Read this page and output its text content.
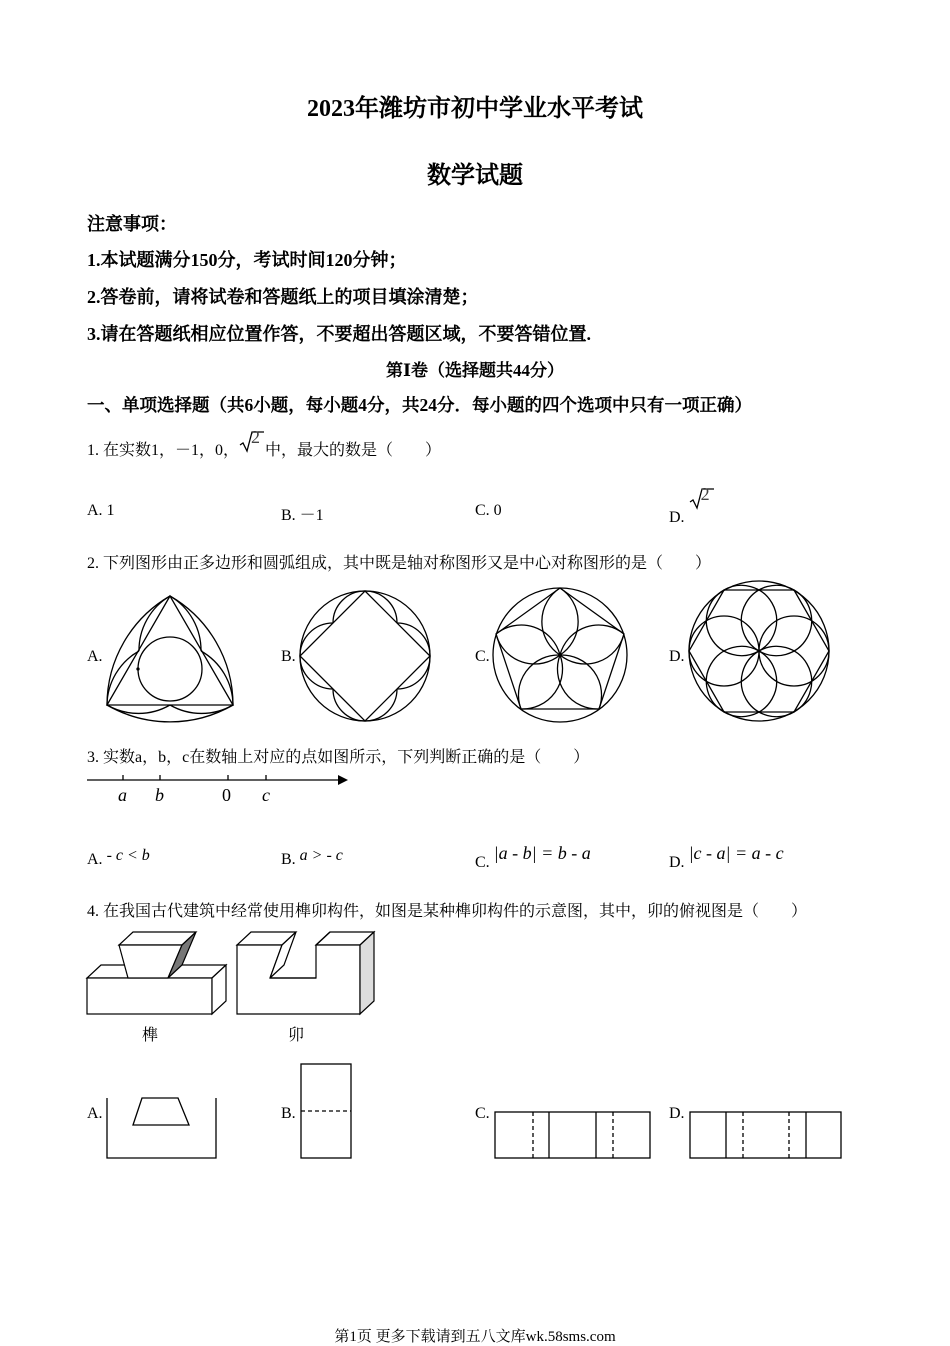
2023年潍坊市初中学业水平考试
数学试题
注意事项：
1.本试题满分150分，考试时间120分钟；
2.答卷前，请将试卷和答题纸上的项目填涂清楚；
3.请在答题纸相应位置作答，不要超出答题区域，不要答错位置.
第Ⅰ卷（选择题共44分）
一、单项选择题（共6小题，每小题4分，共24分．每小题的四个选项中只有一项正确）
1. 在实数1，－1，0，
2
中，最大的数是（　　）
A. 1	B. －1	C. 0	D.
2
2. 下列图形由正多边形和圆弧组成，其中既是轴对称图形又是中心对称图形的是（　　）
A.	B.	C.	D.
3. 实数a，b，c在数轴上对应的点如图所示，下列判断正确的是（　　）
a b	0 c
A. - c < b	B. a > - c	C. |a - b| = b - a	D. |c - a| = a - c
4. 在我国古代建筑中经常使用榫卯构件，如图是某种榫卯构件的示意图，其中，卯的俯视图是（　　）
榫	卯
A.	B.	C.	D.
第1页 更多下载请到五八文库wk.58sms.com
